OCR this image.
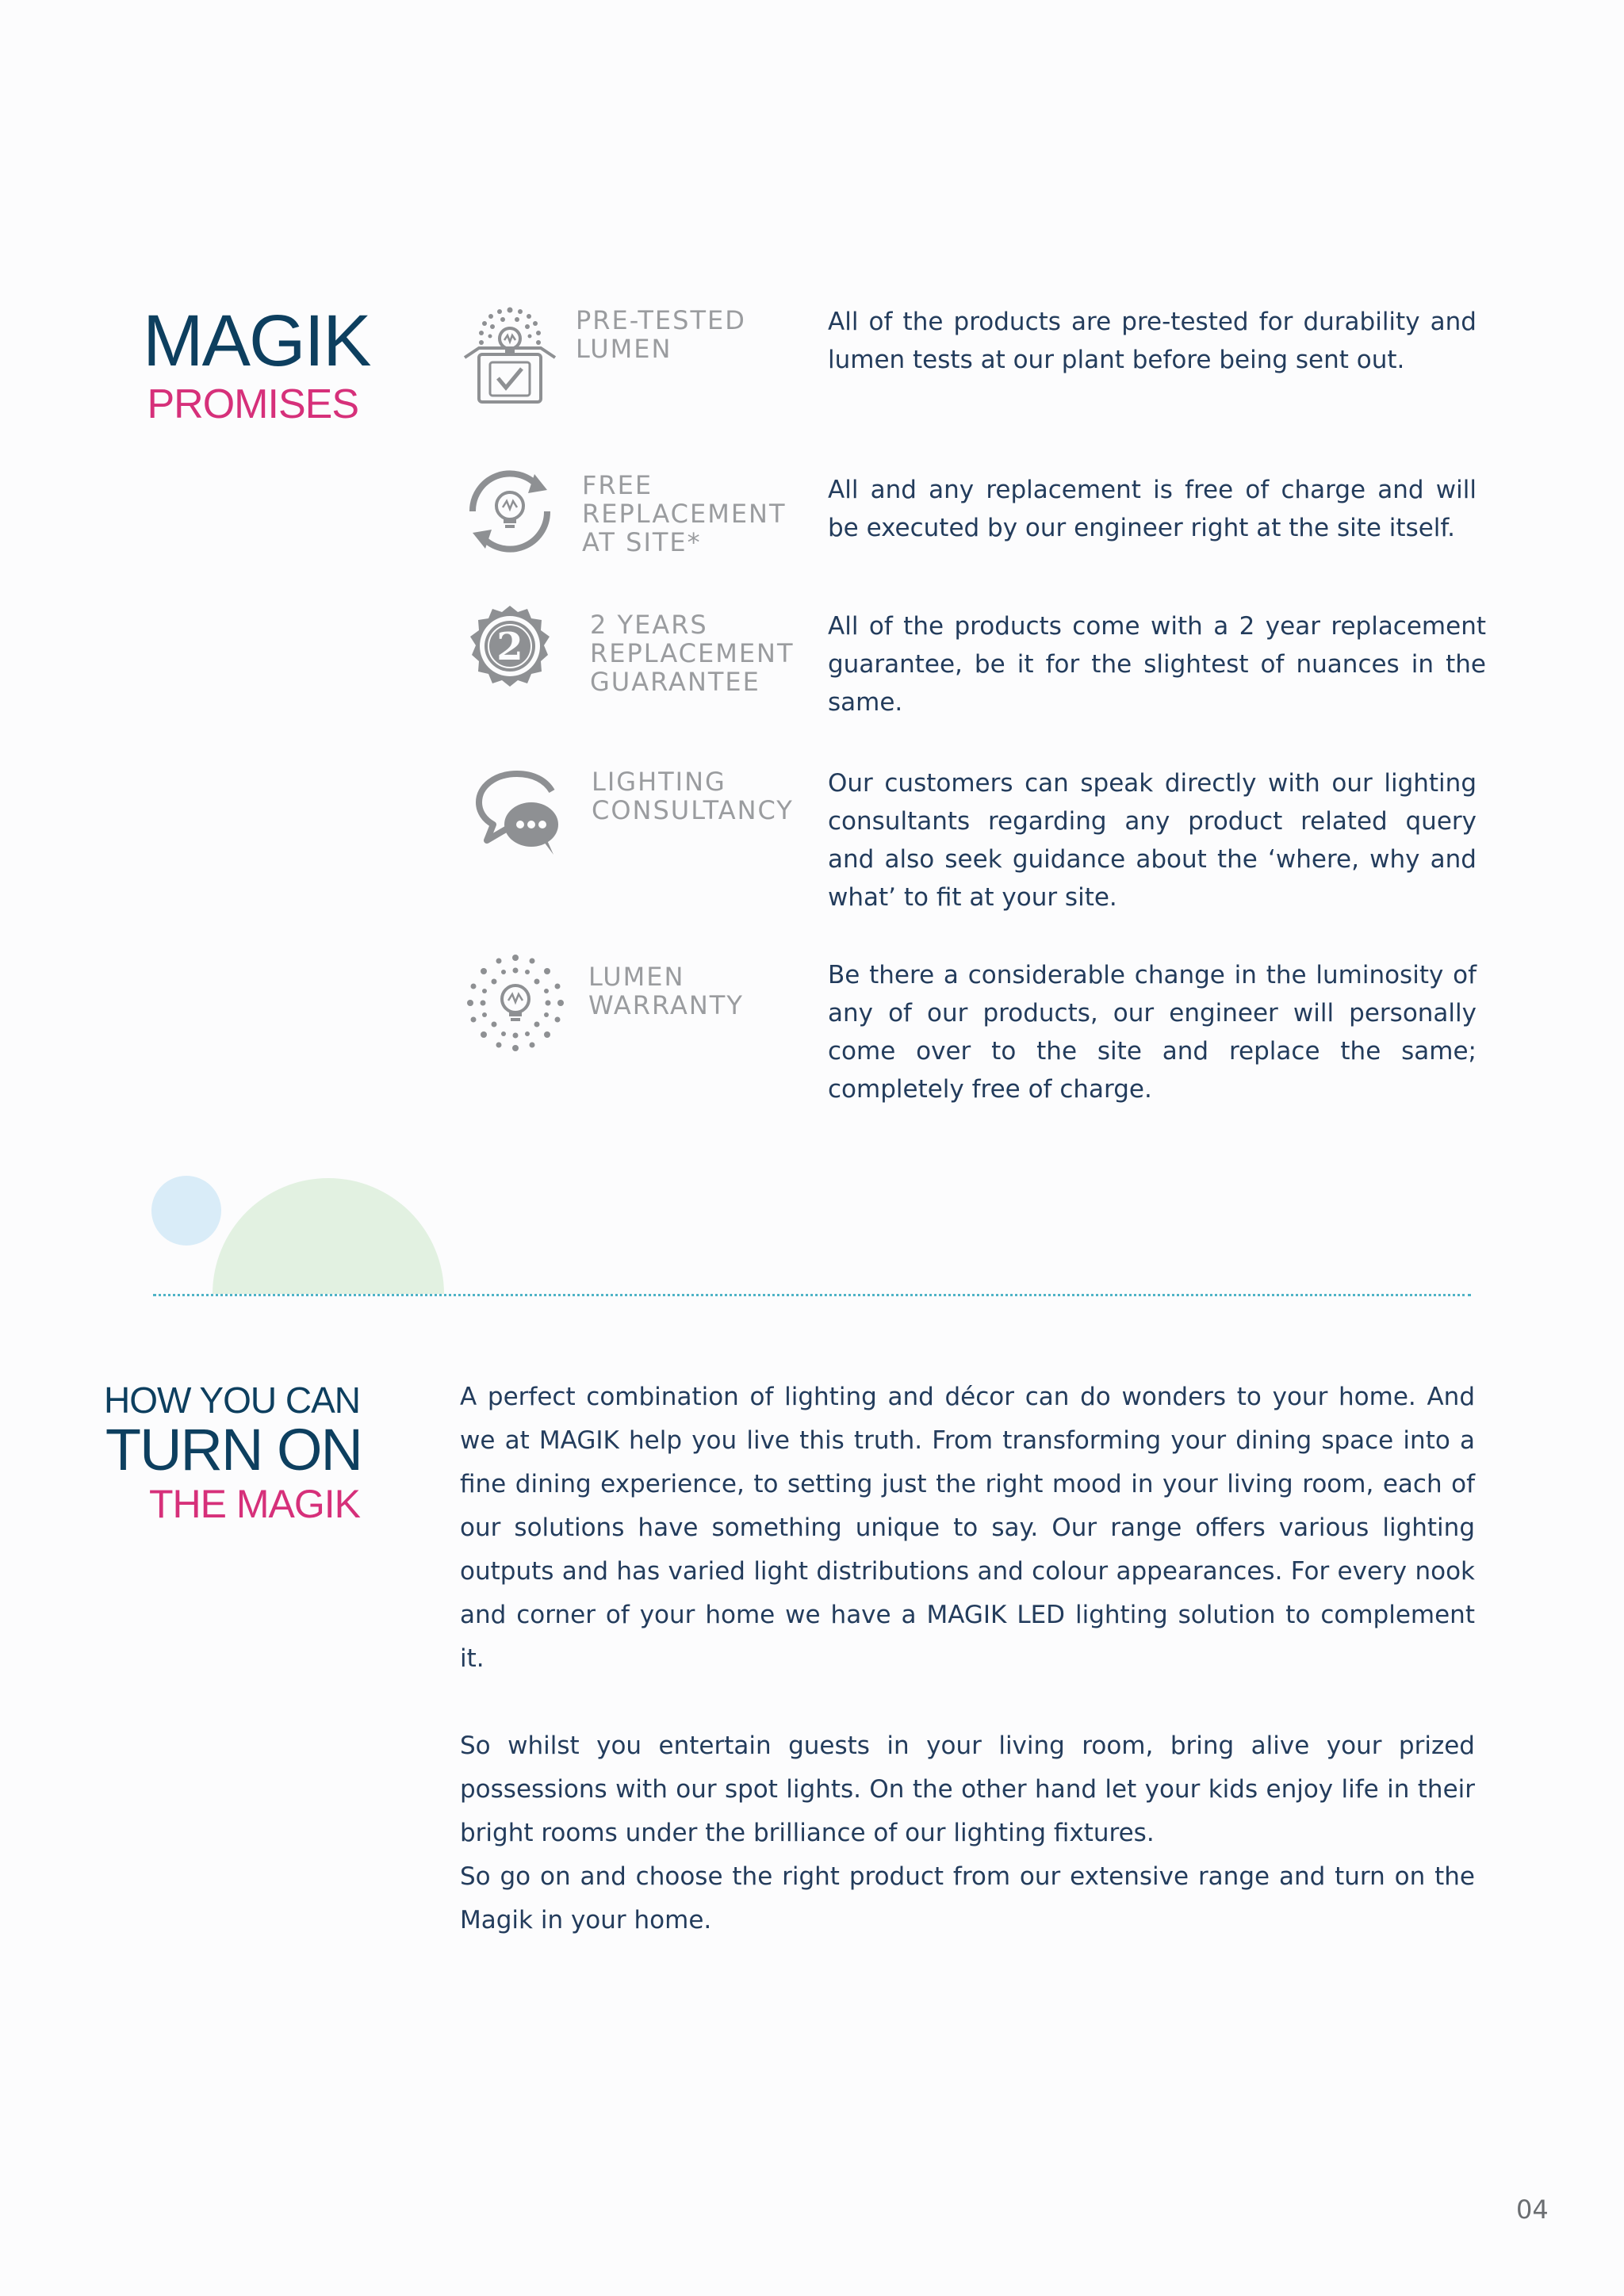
MAGIK
PROMISES
PRE-TESTED
LUMEN
All of the products are pre-tested for durability and lumen tests at our plant before being sent out.
FREE
REPLACEMENT
AT SITE*
All and any replacement is free of charge and will be executed by our engineer right at the site itself.
2	2 YEARS
REPLACEMENT
GUARANTEE
All of the products come with a 2 year replacement guarantee, be it for the slightest of nuances in the same.
LIGHTING
CONSULTANCY
Our customers can speak directly with our lighting consultants regarding any product related query and also seek guidance about the ‘where, why and what’ to fit at your site.
LUMEN
WARRANTY
Be there a considerable change in the luminosity of any of our products, our engineer will personally come over to the site and replace the same; completely free of charge.
HOW YOU CAN
TURN ON
THE MAGIK

A perfect combination of lighting and décor can do wonders to your home. And we at MAGIK help you live this truth. From transforming your dining space into a fine dining experience, to setting just the right mood in your living room, each of our solutions have something unique to say. Our range offers various lighting outputs and has varied light distributions and colour appearances. For every nook and corner of your home we have a MAGIK LED lighting solution to complement it.

So whilst you entertain guests in your living room, bring alive your prized possessions with our spot lights. On the other hand let your kids enjoy life in their bright rooms under the brilliance of our lighting fixtures.

So go on and choose the right product from our extensive range and turn on the Magik in your home.

04
